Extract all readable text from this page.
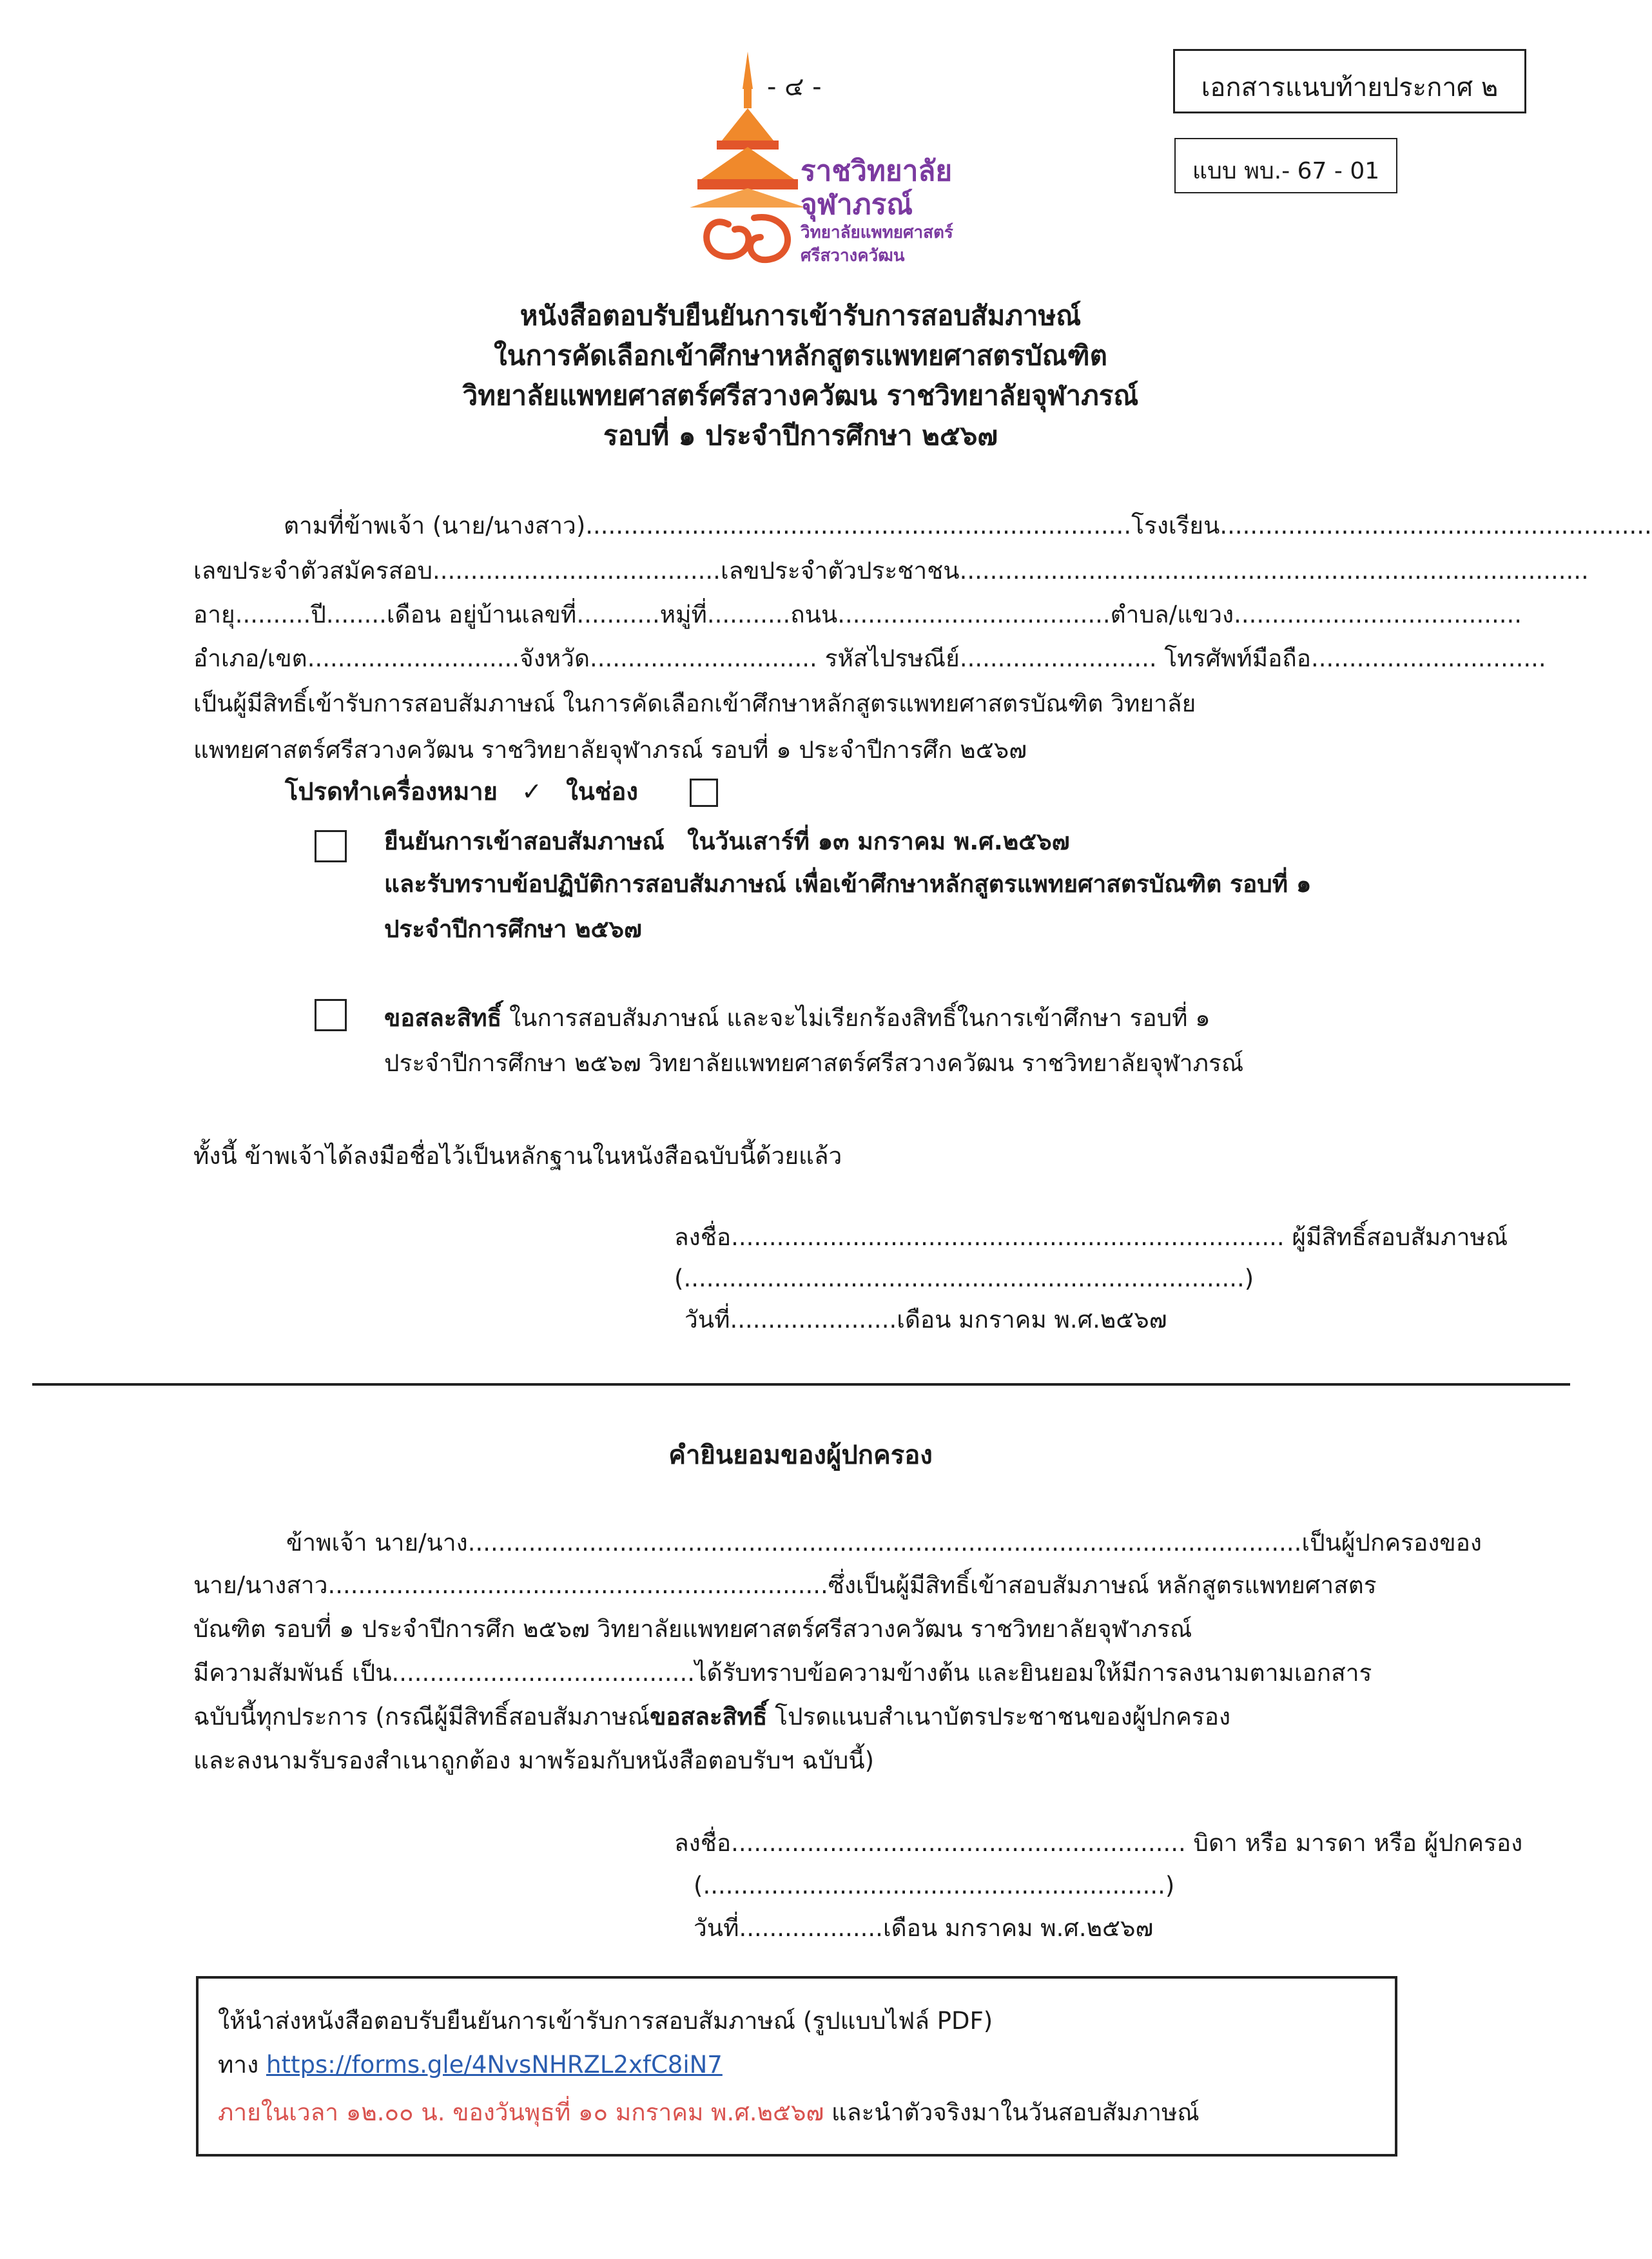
- ๔ -	เอกสารแนบท้ายประกาศ ๒
แบบ พบ.- 67 - 01
ราชวิทยาลัย
จุฬาภรณ์
วิทยาลัยแพทยศาสตร์
ศรีสวางควัฒน
หนังสือตอบรับยืนยันการเข้ารับการสอบสัมภาษณ์
ในการคัดเลือกเข้าศึกษาหลักสูตรแพทยศาสตรบัณฑิต
วิทยาลัยแพทยศาสตร์ศรีสวางควัฒน ราชวิทยาลัยจุฬาภรณ์
รอบที่ ๑ ประจำปีการศึกษา ๒๕๖๗
ตามที่ข้าพเจ้า (นาย/นางสาว)........................................................................โรงเรียน.........................................................
เลขประจำตัวสมัครสอบ......................................เลขประจำตัวประชาชน...................................................................................
อายุ..........ปี........เดือน อยู่บ้านเลขที่...........หมู่ที่...........ถนน....................................ตำบล/แขวง......................................
อำเภอ/เขต............................จังหวัด.............................. รหัสไปรษณีย์.......................... โทรศัพท์มือถือ...............................
เป็นผู้มีสิทธิ์เข้ารับการสอบสัมภาษณ์ ในการคัดเลือกเข้าศึกษาหลักสูตรแพทยศาสตรบัณฑิต วิทยาลัย
แพทยศาสตร์ศรีสวางควัฒน ราชวิทยาลัยจุฬาภรณ์ รอบที่ ๑ ประจำปีการศึก ๒๕๖๗
โปรดทำเครื่องหมาย ✓ ในช่อง
ยืนยันการเข้าสอบสัมภาษณ์ ในวันเสาร์ที่ ๑๓ มกราคม พ.ศ.๒๕๖๗
และรับทราบข้อปฏิบัติการสอบสัมภาษณ์ เพื่อเข้าศึกษาหลักสูตรแพทยศาสตรบัณฑิต รอบที่ ๑
ประจำปีการศึกษา ๒๕๖๗
ขอสละสิทธิ์ ในการสอบสัมภาษณ์ และจะไม่เรียกร้องสิทธิ์ในการเข้าศึกษา รอบที่ ๑
ประจำปีการศึกษา ๒๕๖๗ วิทยาลัยแพทยศาสตร์ศรีสวางควัฒน ราชวิทยาลัยจุฬาภรณ์
ทั้งนี้ ข้าพเจ้าได้ลงมือชื่อไว้เป็นหลักฐานในหนังสือฉบับนี้ด้วยแล้ว
ลงชื่อ......................................................................... ผู้มีสิทธิ์สอบสัมภาษณ์
(..........................................................................)
วันที่......................เดือน มกราคม พ.ศ.๒๕๖๗
คำยินยอมของผู้ปกครอง
ข้าพเจ้า นาย/นาง..............................................................................................................เป็นผู้ปกครองของ
นาย/นางสาว..................................................................ซึ่งเป็นผู้มีสิทธิ์เข้าสอบสัมภาษณ์ หลักสูตรแพทยศาสตร
บัณฑิต รอบที่ ๑ ประจำปีการศึก ๒๕๖๗ วิทยาลัยแพทยศาสตร์ศรีสวางควัฒน ราชวิทยาลัยจุฬาภรณ์
มีความสัมพันธ์ เป็น........................................ได้รับทราบข้อความข้างต้น และยินยอมให้มีการลงนามตามเอกสาร
ฉบับนี้ทุกประการ (กรณีผู้มีสิทธิ์สอบสัมภาษณ์ขอสละสิทธิ์ โปรดแนบสำเนาบัตรประชาชนของผู้ปกครอง
และลงนามรับรองสำเนาถูกต้อง มาพร้อมกับหนังสือตอบรับฯ ฉบับนี้)
ลงชื่อ............................................................ บิดา หรือ มารดา หรือ ผู้ปกครอง
(.............................................................)
วันที่...................เดือน มกราคม พ.ศ.๒๕๖๗
ให้นำส่งหนังสือตอบรับยืนยันการเข้ารับการสอบสัมภาษณ์ (รูปแบบไฟล์ PDF)
ทาง https://forms.gle/4NvsNHRZL2xfC8iN7
ภายในเวลา ๑๒.๐๐ น. ของวันพุธที่ ๑๐ มกราคม พ.ศ.๒๕๖๗ และนำตัวจริงมาในวันสอบสัมภาษณ์
